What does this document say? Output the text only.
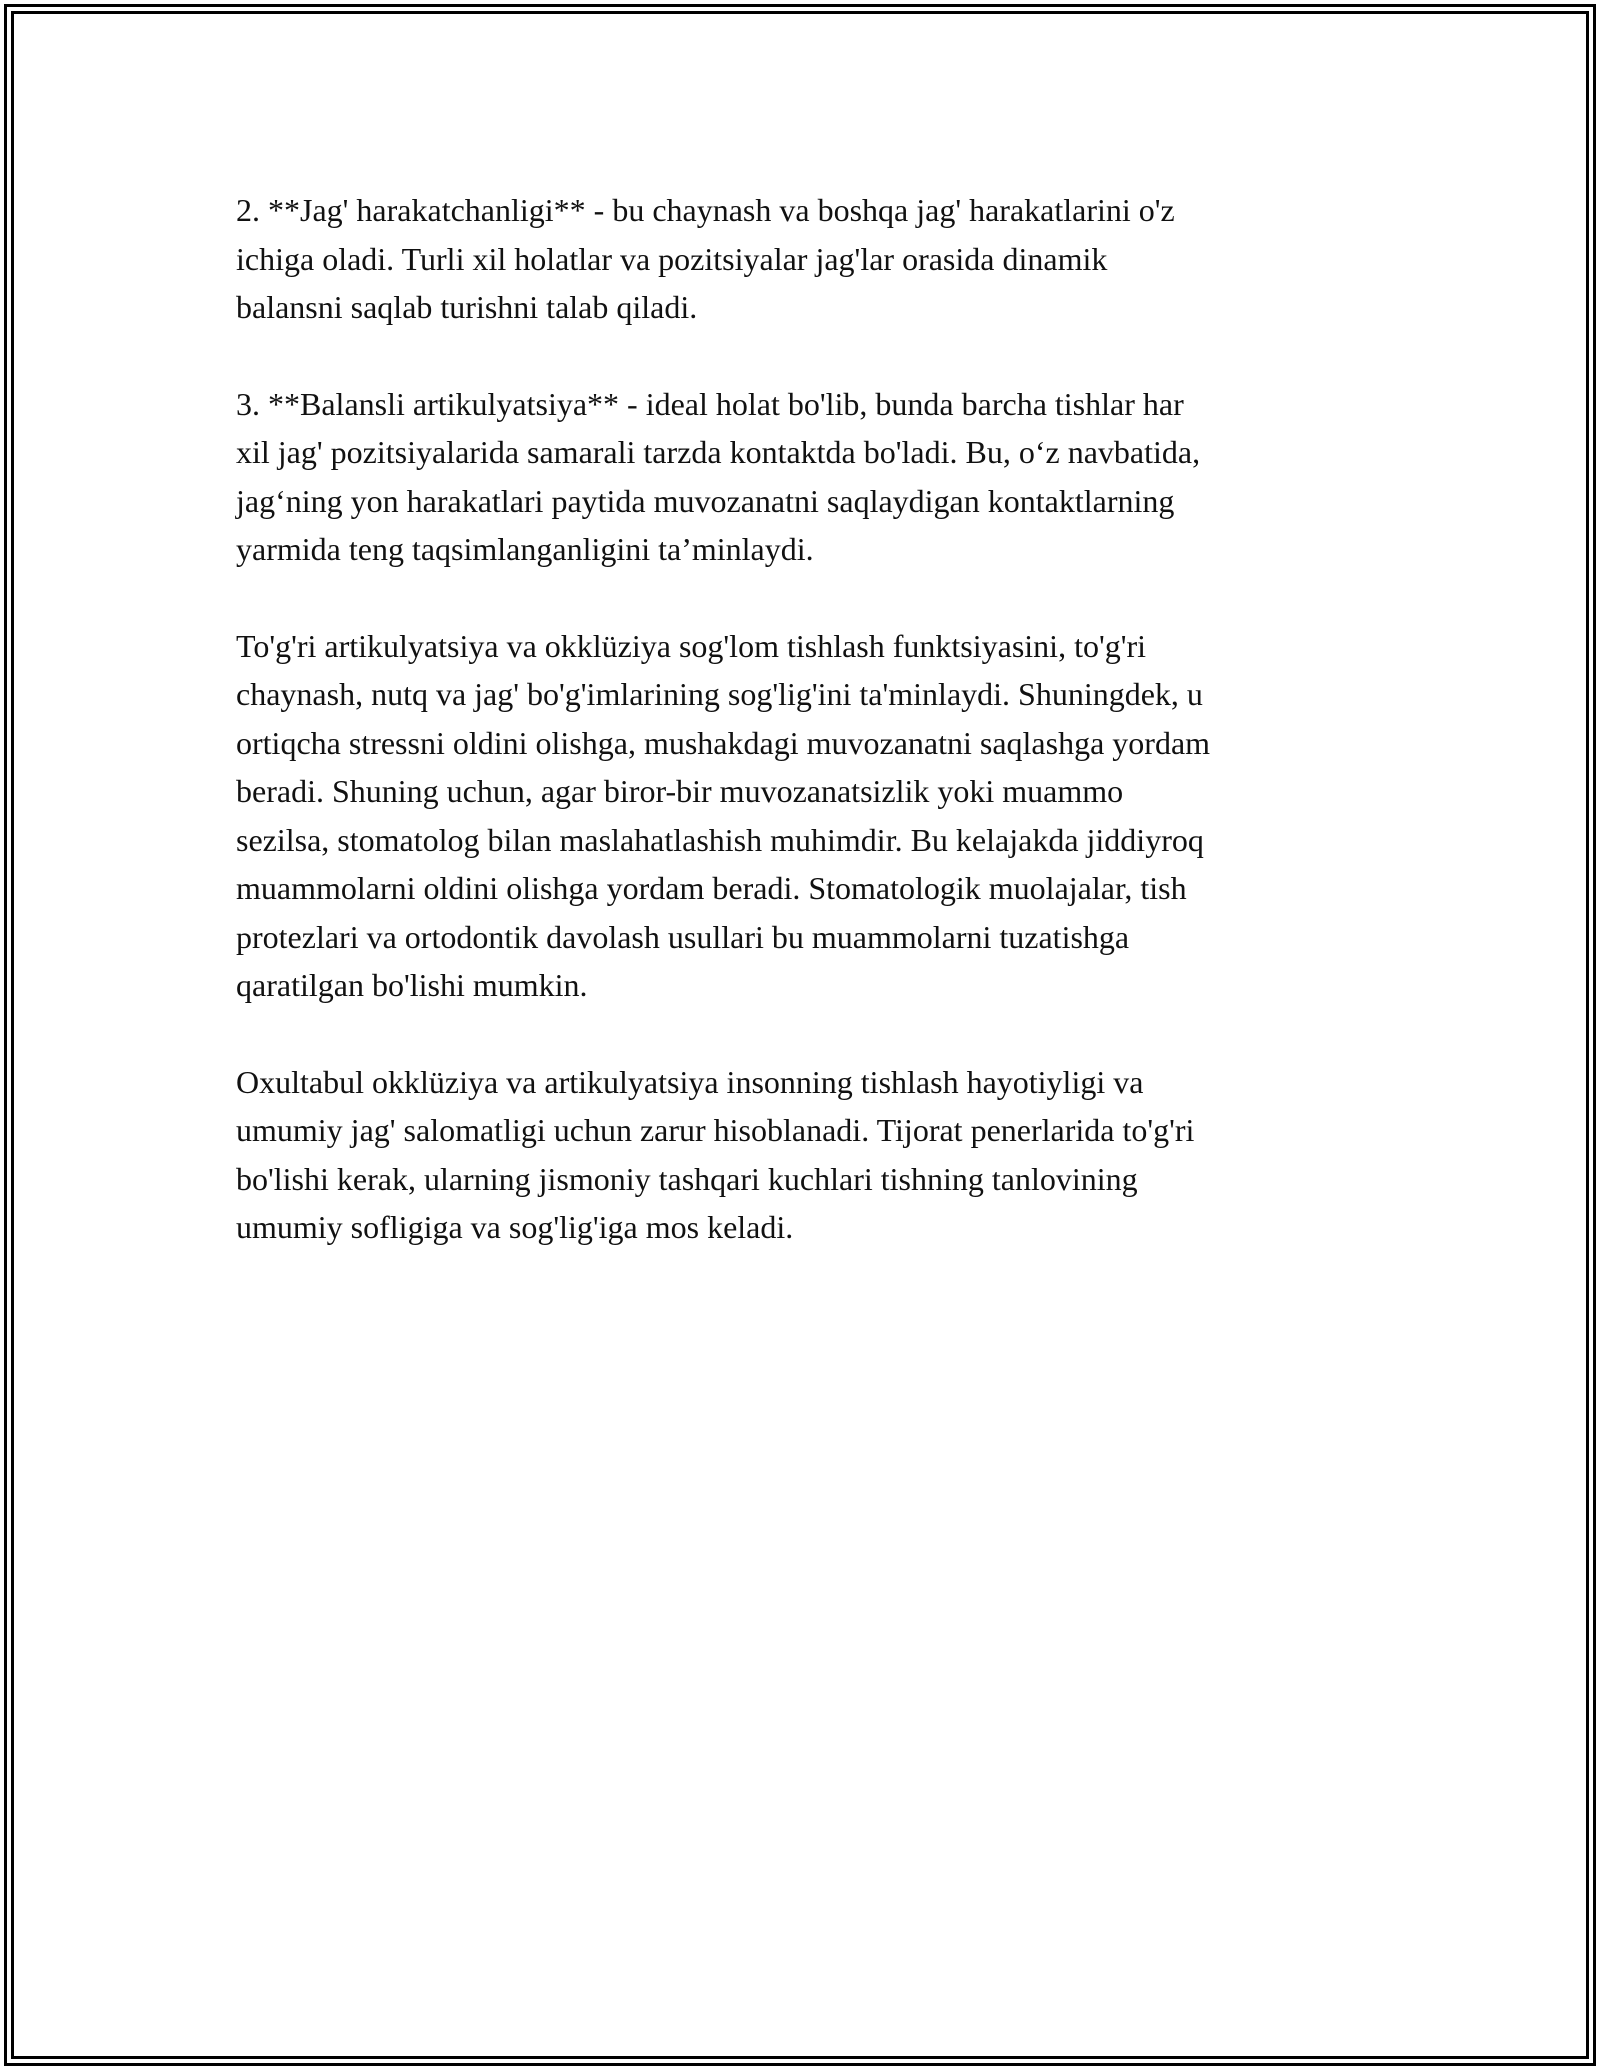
2. **Jag' harakatchanligi** - bu chaynash va boshqa jag' harakatlarini o'z
ichiga oladi. Turli xil holatlar va pozitsiyalar jag'lar orasida dinamik
balansni saqlab turishni talab qiladi.

3. **Balansli artikulyatsiya** - ideal holat bo'lib, bunda barcha tishlar har
xil jag' pozitsiyalarida samarali tarzda kontaktda bo'ladi. Bu, o‘z navbatida,
jag‘ning yon harakatlari paytida muvozanatni saqlaydigan kontaktlarning
yarmida teng taqsimlanganligini ta’minlaydi.

To'g'ri artikulyatsiya va okklüziya sog'lom tishlash funktsiyasini, to'g'ri
chaynash, nutq va jag' bo'g'imlarining sog'lig'ini ta'minlaydi. Shuningdek, u
ortiqcha stressni oldini olishga, mushakdagi muvozanatni saqlashga yordam
beradi. Shuning uchun, agar biror-bir muvozanatsizlik yoki muammo
sezilsa, stomatolog bilan maslahatlashish muhimdir. Bu kelajakda jiddiyroq
muammolarni oldini olishga yordam beradi. Stomatologik muolajalar, tish
protezlari va ortodontik davolash usullari bu muammolarni tuzatishga
qaratilgan bo'lishi mumkin.

Oxultabul okklüziya va artikulyatsiya insonning tishlash hayotiyligi va
umumiy jag' salomatligi uchun zarur hisoblanadi. Tijorat penerlarida to'g'ri
bo'lishi kerak, ularning jismoniy tashqari kuchlari tishning tanlovining
umumiy sofligiga va sog'lig'iga mos keladi.
